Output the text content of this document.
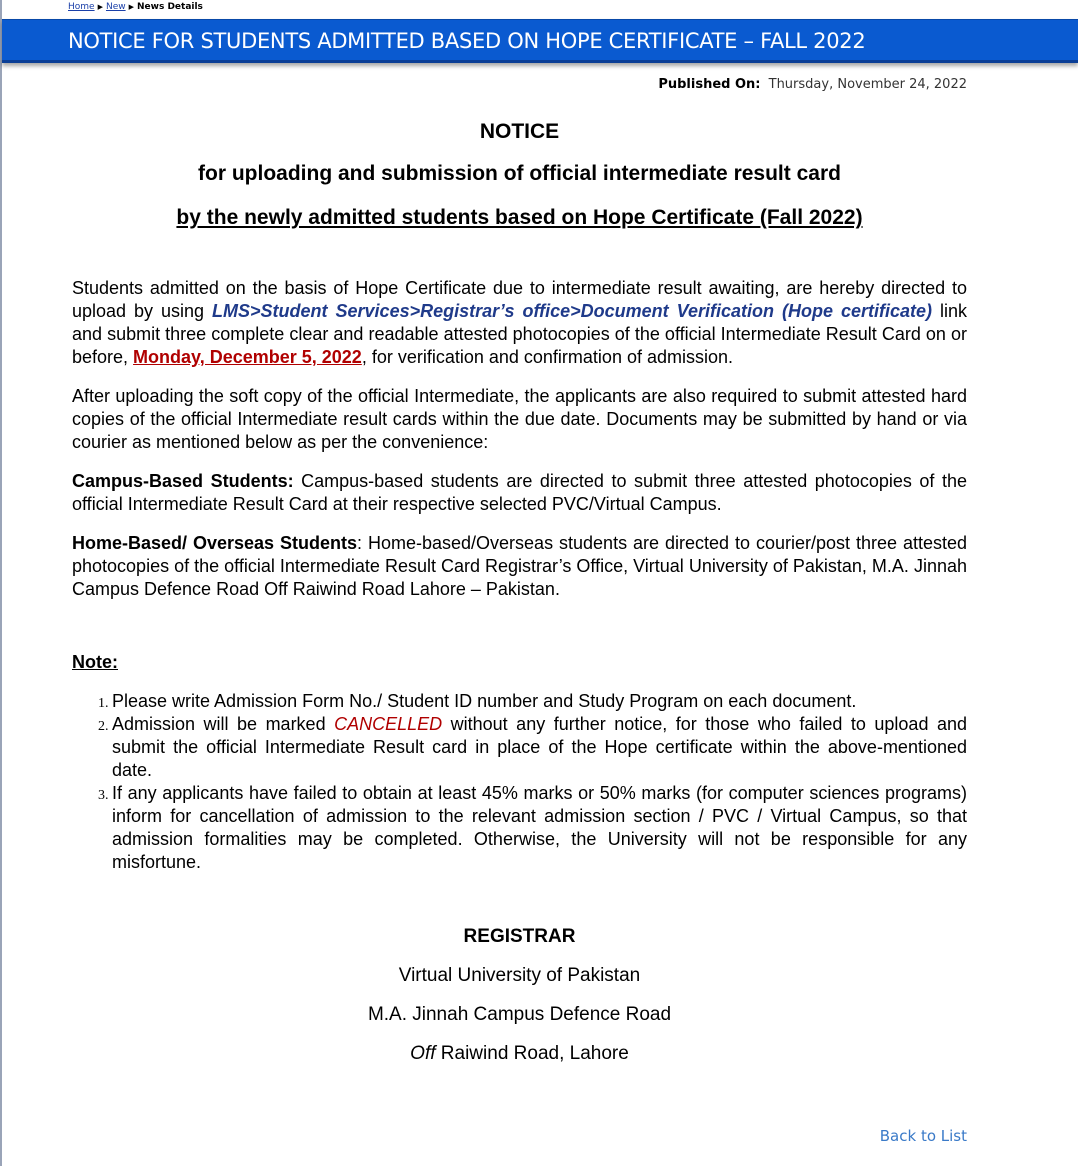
Home ▶ New ▶ News Details
NOTICE FOR STUDENTS ADMITTED BASED ON HOPE CERTIFICATE – FALL 2022
Published On: Thursday, November 24, 2022

NOTICE

for uploading and submission of official intermediate result card

by the newly admitted students based on Hope Certificate (Fall 2022)

Students admitted on the basis of Hope Certificate due to intermediate result awaiting, are hereby directed to upload by using LMS>Student Services>Registrar’s office>Document Verification (Hope certificate) link and submit three complete clear and readable attested photocopies of the official Intermediate Result Card on or before, Monday, December 5, 2022, for verification and confirmation of admission.

After uploading the soft copy of the official Intermediate, the applicants are also required to submit attested hard copies of the official Intermediate result cards within the due date. Documents may be submitted by hand or via courier as mentioned below as per the convenience:

Campus-Based Students: Campus-based students are directed to submit three attested photocopies of the official Intermediate Result Card at their respective selected PVC/Virtual Campus.

Home-Based/ Overseas Students: Home-based/Overseas students are directed to courier/post three attested photocopies of the official Intermediate Result Card Registrar’s Office, Virtual University of Pakistan, M.A. Jinnah Campus Defence Road Off Raiwind Road Lahore – Pakistan.

Note:

1. Please write Admission Form No./ Student ID number and Study Program on each document.
2. Admission will be marked CANCELLED without any further notice, for those who failed to upload and submit the official Intermediate Result card in place of the Hope certificate within the above-mentioned date.
3. If any applicants have failed to obtain at least 45% marks or 50% marks (for computer sciences programs) inform for cancellation of admission to the relevant admission section / PVC / Virtual Campus, so that admission formalities may be completed. Otherwise, the University will not be responsible for any misfortune.

REGISTRAR

Virtual University of Pakistan

M.A. Jinnah Campus Defence Road

Off Raiwind Road, Lahore

Back to List
